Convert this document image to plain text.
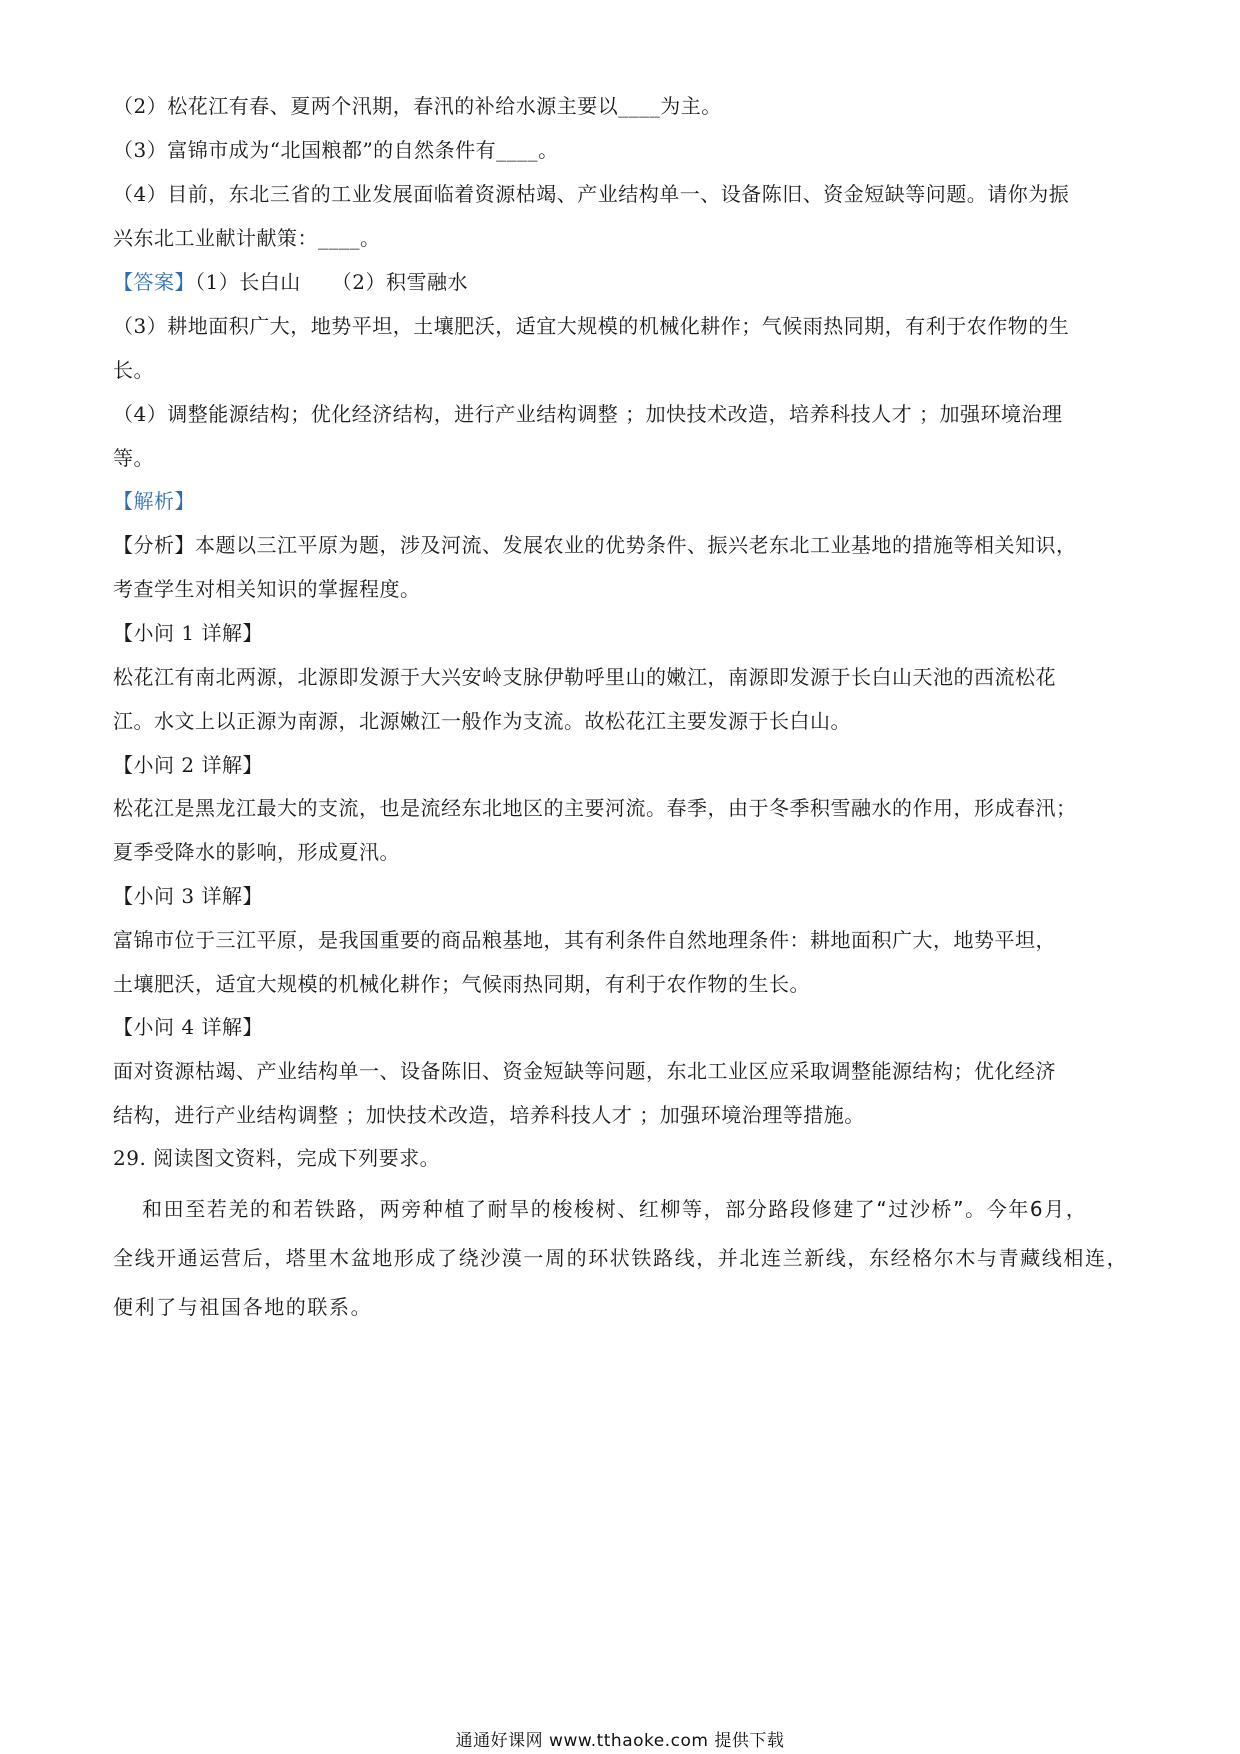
（2）松花江有春、夏两个汛期，春汛的补给水源主要以____为主。
（3）富锦市成为“北国粮都”的自然条件有____。
（4）目前，东北三省的工业发展面临着资源枯竭、产业结构单一、设备陈旧、资金短缺等问题。请你为振
兴东北工业献计献策：____。
【答案】（1）长白山　　（2）积雪融水
（3）耕地面积广大，地势平坦，土壤肥沃，适宜大规模的机械化耕作；气候雨热同期，有利于农作物的生
长。
（4）调整能源结构；优化经济结构，进行产业结构调整 ；加快技术改造，培养科技人才 ；加强环境治理
等。
【解析】
【分析】本题以三江平原为题，涉及河流、发展农业的优势条件、振兴老东北工业基地的措施等相关知识，
考查学生对相关知识的掌握程度。
【小问 1 详解】
松花江有南北两源，北源即发源于大兴安岭支脉伊勒呼里山的嫩江，南源即发源于长白山天池的西流松花
江。水文上以正源为南源，北源嫩江一般作为支流。故松花江主要发源于长白山。
【小问 2 详解】
松花江是黑龙江最大的支流，也是流经东北地区的主要河流。春季，由于冬季积雪融水的作用，形成春汛；
夏季受降水的影响，形成夏汛。
【小问 3 详解】
富锦市位于三江平原，是我国重要的商品粮基地，其有利条件自然地理条件：耕地面积广大，地势平坦，
土壤肥沃，适宜大规模的机械化耕作；气候雨热同期，有利于农作物的生长。
【小问 4 详解】
面对资源枯竭、产业结构单一、设备陈旧、资金短缺等问题，东北工业区应采取调整能源结构；优化经济
结构，进行产业结构调整 ；加快技术改造，培养科技人才 ；加强环境治理等措施。
29. 阅读图文资料，完成下列要求。
和田至若羌的和若铁路，两旁种植了耐旱的梭梭树、红柳等，部分路段修建了“过沙桥”。今年6月，
全线开通运营后，塔里木盆地形成了绕沙漠一周的环状铁路线，并北连兰新线，东经格尔木与青藏线相连，
便利了与祖国各地的联系。
通通好课网 www.tthaoke.com 提供下载
